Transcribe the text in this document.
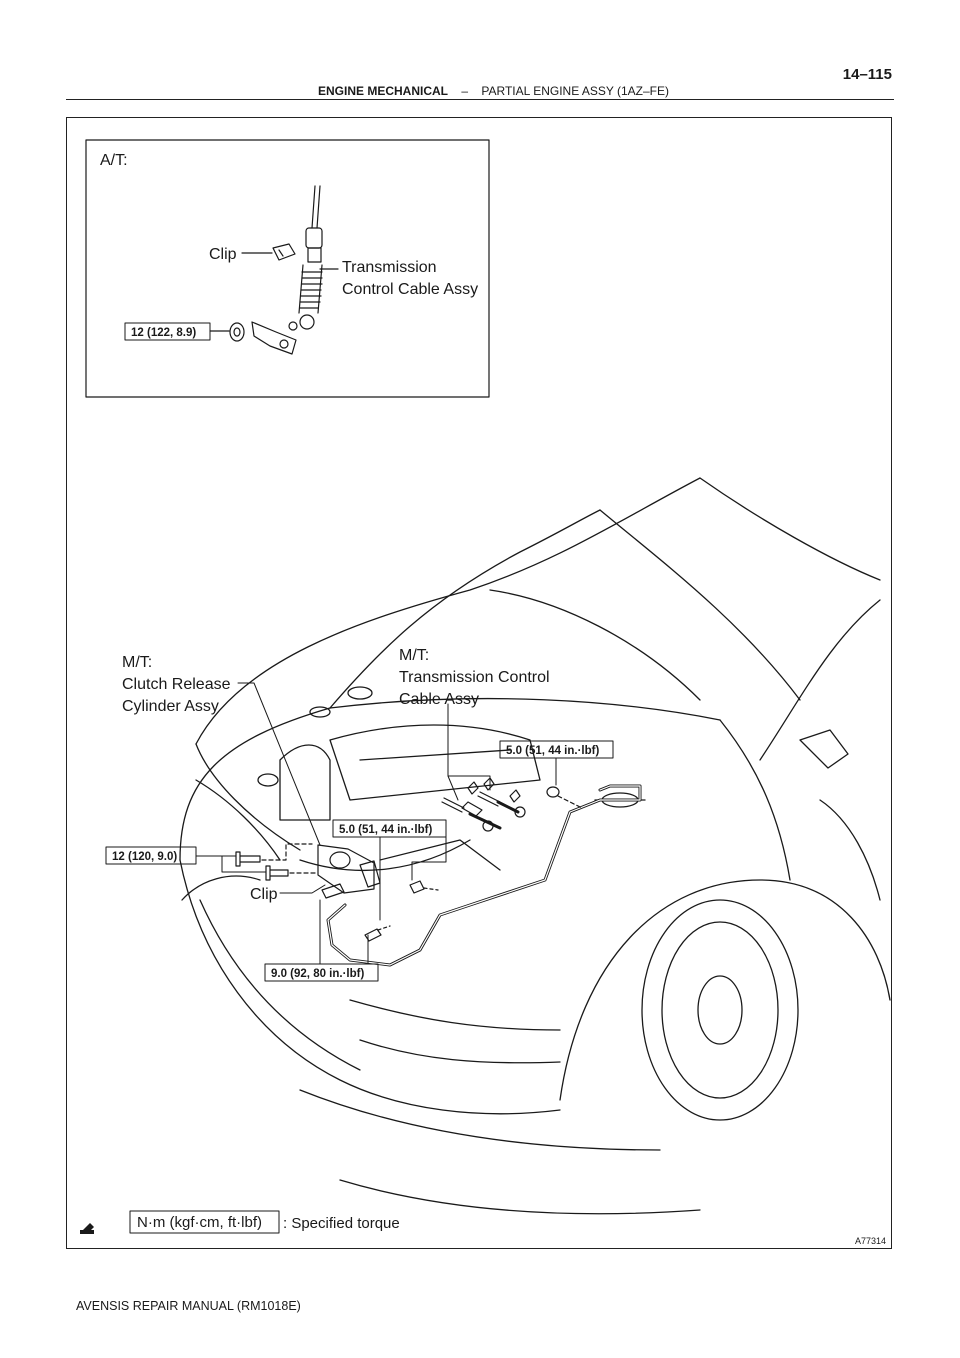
14–115
ENGINE MECHANICAL – PARTIAL ENGINE ASSY (1AZ–FE)
A/T:
Clip
Transmission
Control Cable Assy
12 (122, 8.9)
M/T:
Clutch Release
Cylinder Assy
M/T:
Transmission Control
Cable Assy
5.0 (51, 44 in.·lbf)
5.0 (51, 44 in.·lbf)
12 (120, 9.0)
Clip
9.0 (92, 80 in.·lbf)
N·m (kgf·cm, ft·lbf) : Specified torque
A77314
AVENSIS REPAIR MANUAL (RM1018E)
